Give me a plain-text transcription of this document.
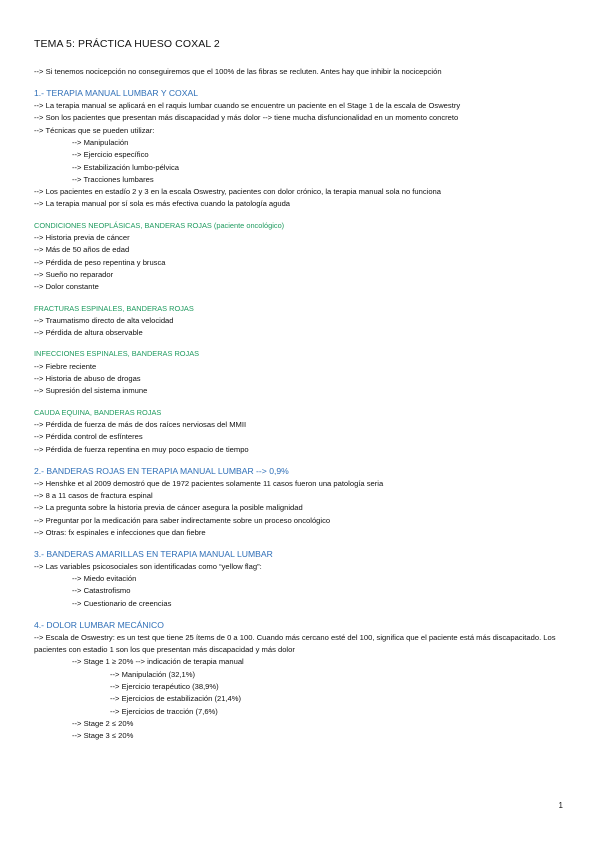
TEMA 5: PRÁCTICA HUESO COXAL 2
--> Si tenemos nocicepción no conseguiremos que el 100% de las fibras se recluten. Antes hay que inhibir la nocicepción
1.- TERAPIA MANUAL LUMBAR Y COXAL
--> La terapia manual se aplicará en el raquis lumbar cuando se encuentre un paciente en el Stage 1 de la escala de Oswestry
--> Son los pacientes que presentan más discapacidad y más dolor --> tiene mucha disfuncionalidad en un momento concreto
--> Técnicas que se pueden utilizar:
--> Manipulación
--> Ejercicio específico
--> Estabilización lumbo-pélvica
--> Tracciones lumbares
--> Los pacientes en estadío 2 y 3 en la escala Oswestry, pacientes con dolor crónico, la terapia manual sola no funciona
--> La terapia manual por sí sola es más efectiva cuando la patología aguda
CONDICIONES NEOPLÁSICAS, BANDERAS ROJAS (paciente oncológico)
--> Historia previa de cáncer
--> Más de 50 años de edad
--> Pérdida de peso repentina y brusca
--> Sueño no reparador
--> Dolor constante
FRACTURAS ESPINALES, BANDERAS ROJAS
--> Traumatismo directo de alta velocidad
--> Pérdida de altura observable
INFECCIONES ESPINALES, BANDERAS ROJAS
--> Fiebre reciente
--> Historia de abuso de drogas
--> Supresión del sistema inmune
CAUDA EQUINA, BANDERAS ROJAS
--> Pérdida de fuerza de más de dos raíces nerviosas del MMII
--> Pérdida control de esfínteres
--> Pérdida de fuerza repentina en muy poco espacio de tiempo
2.- BANDERAS ROJAS EN TERAPIA MANUAL LUMBAR --> 0,9%
--> Henshke et al 2009 demostró que de 1972 pacientes solamente 11 casos fueron una patología seria
--> 8 a 11 casos de fractura espinal
--> La pregunta sobre la historia previa de cáncer asegura la posible malignidad
--> Preguntar por la medicación para saber indirectamente sobre un proceso oncológico
--> Otras: fx espinales e infecciones que dan fiebre
3.- BANDERAS AMARILLAS EN TERAPIA MANUAL LUMBAR
--> Las variables psicosociales son identificadas como “yellow flag”:
--> Miedo evitación
--> Catastrofismo
--> Cuestionario de creencias
4.- DOLOR LUMBAR MECÁNICO
--> Escala de Oswestry: es un test que tiene 25 ítems de 0 a 100. Cuando más cercano esté del 100, significa que el paciente está más discapacitado. Los pacientes con estadio 1 son los que presentan más discapacidad y más dolor
--> Stage 1 ≥ 20% --> indicación de terapia manual
--> Manipulación (32,1%)
--> Ejercicio terapéutico (38,9%)
--> Ejercicios de estabilización (21,4%)
--> Ejercicios de tracción (7,6%)
--> Stage 2 ≤ 20%
--> Stage 3 ≤ 20%
1
